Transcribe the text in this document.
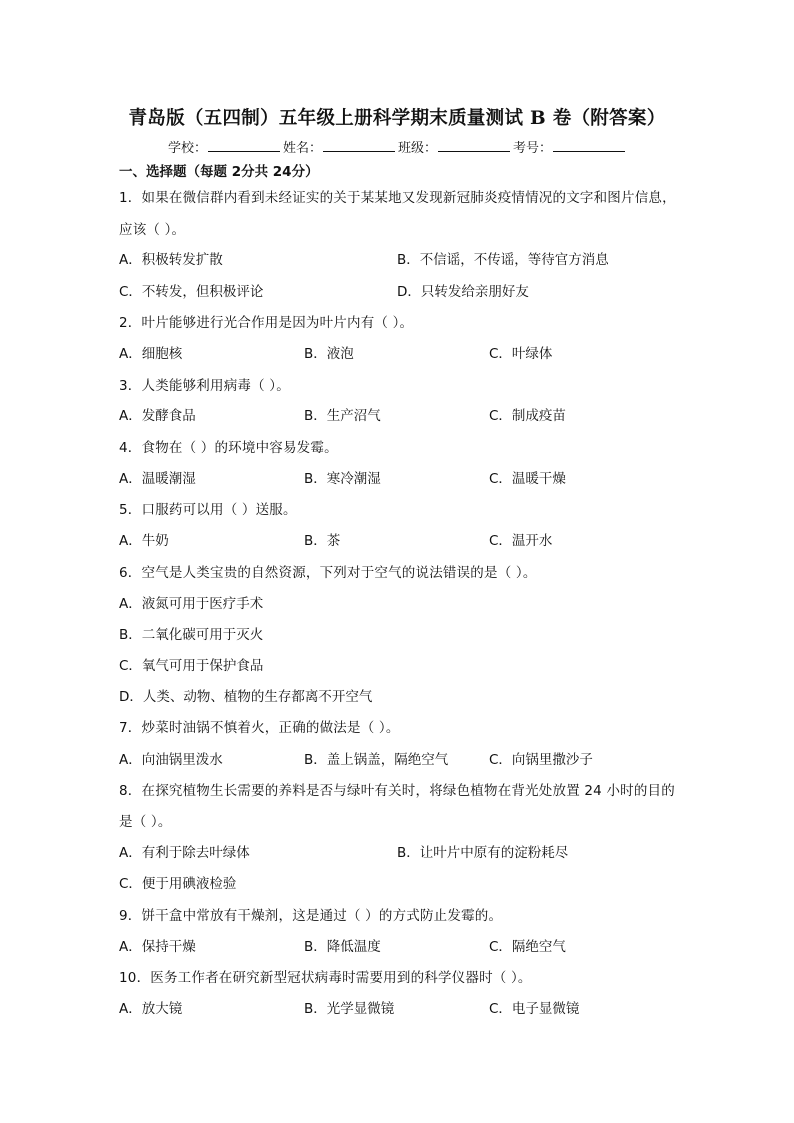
青岛版（五四制）五年级上册科学期末质量测试 B 卷（附答案）
学校：	姓名：	班级：	考号：
一、选择题（每题 2分共 24分）
1．如果在微信群内看到未经证实的关于某某地又发现新冠肺炎疫情情况的文字和图片信息，
应该（ ）。
A．积极转发扩散	B．不信谣，不传谣，等待官方消息
C．不转发，但积极评论	D．只转发给亲朋好友
2．叶片能够进行光合作用是因为叶片内有（ ）。
A．细胞核	B．液泡	C．叶绿体
3．人类能够利用病毒（ ）。
A．发酵食品	B．生产沼气	C．制成疫苗
4．食物在（ ）的环境中容易发霉。
A．温暖潮湿	B．寒冷潮湿	C．温暖干燥
5．口服药可以用（ ）送服。
A．牛奶	B．茶	C．温开水
6．空气是人类宝贵的自然资源，下列对于空气的说法错误的是（ ）。
A．液氮可用于医疗手术
B．二氧化碳可用于灭火
C．氧气可用于保护食品
D．人类、动物、植物的生存都离不开空气
7．炒菜时油锅不慎着火，正确的做法是（ ）。
A．向油锅里泼水	B．盖上锅盖，隔绝空气	C．向锅里撒沙子
8．在探究植物生长需要的养料是否与绿叶有关时，将绿色植物在背光处放置 24 小时的目的
是（ ）。
A．有利于除去叶绿体	B．让叶片中原有的淀粉耗尽
C．便于用碘液检验
9．饼干盒中常放有干燥剂，这是通过（ ）的方式防止发霉的。
A．保持干燥	B．降低温度	C．隔绝空气
10．医务工作者在研究新型冠状病毒时需要用到的科学仪器时（ ）。
A．放大镜	B．光学显微镜	C．电子显微镜
